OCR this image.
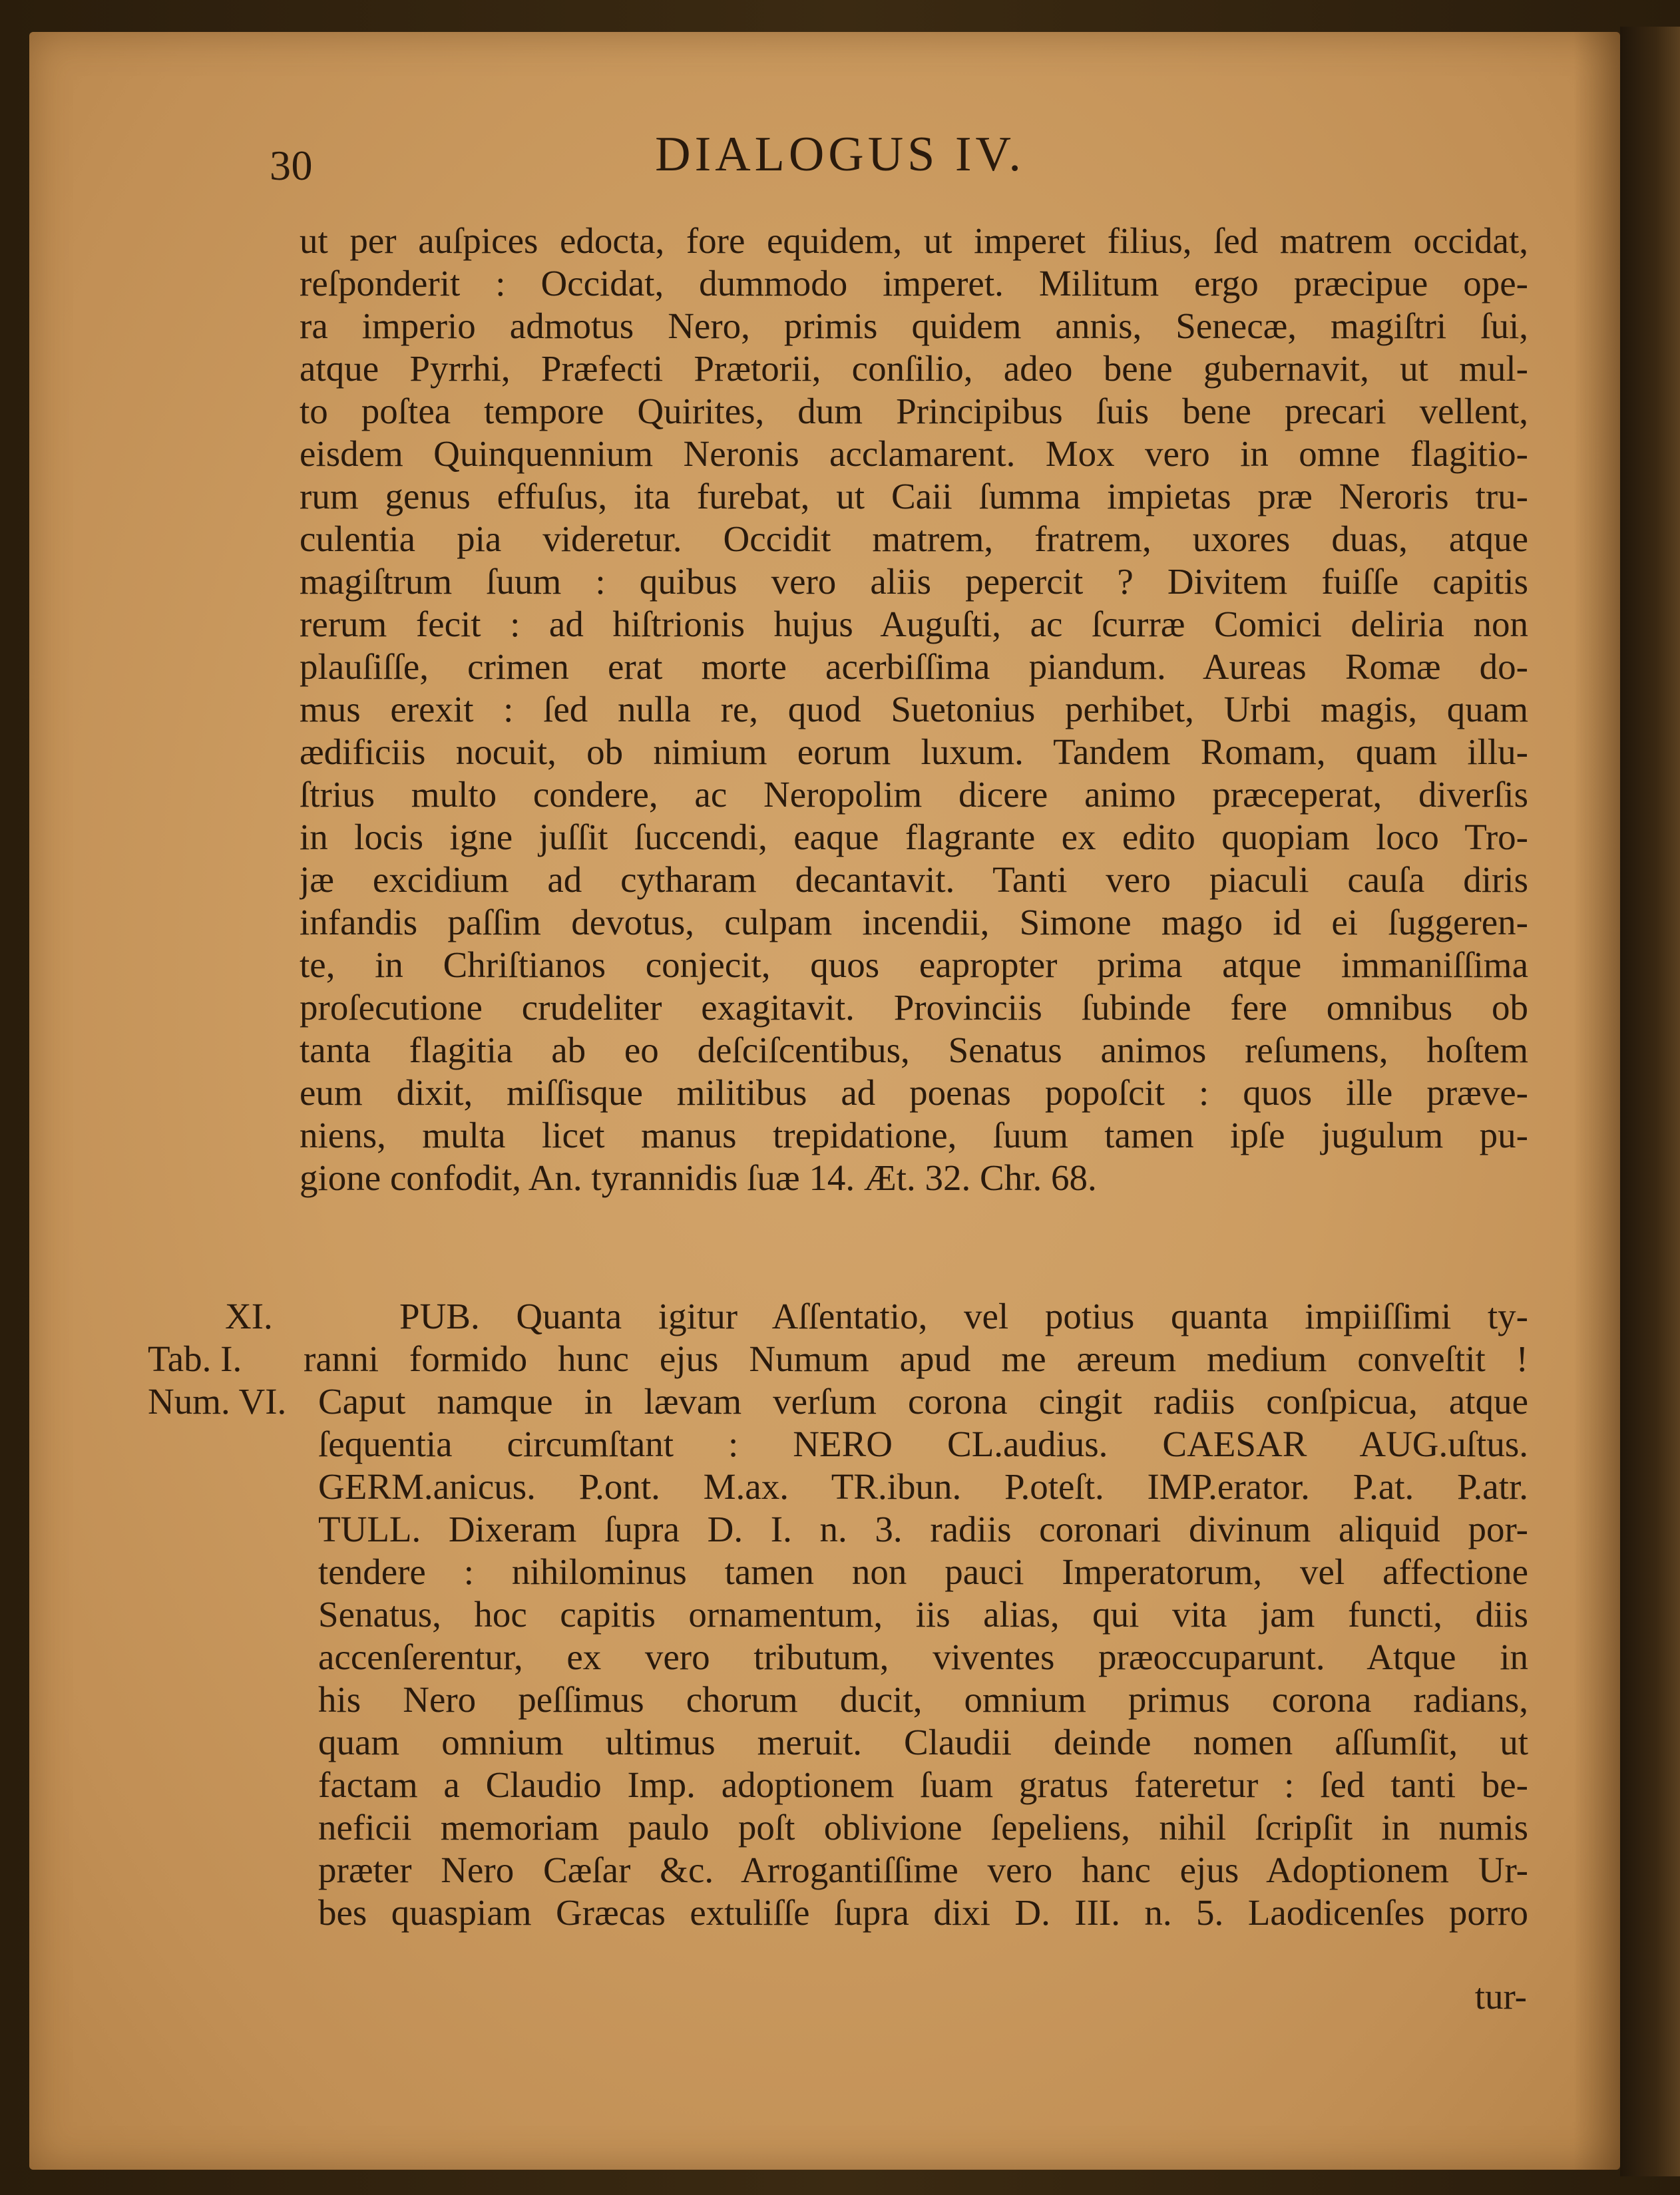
30	DIALOGUS IV.
ut per auſpices edocta, fore equidem, ut imperet filius, ſed matrem occidat,
reſponderit : Occidat, dummodo imperet. Militum ergo præcipue ope-
ra imperio admotus Nero, primis quidem annis, Senecæ, magiſtri ſui,
atque Pyrrhi, Præfecti Prætorii, conſilio, adeo bene gubernavit, ut mul-
to poſtea tempore Quirites, dum Principibus ſuis bene precari vellent,
eisdem Quinquennium Neronis acclamarent. Mox vero in omne flagitio-
rum genus effuſus, ita furebat, ut Caii ſumma impietas præ Neroris tru-
culentia pia videretur. Occidit matrem, fratrem, uxores duas, atque
magiſtrum ſuum : quibus vero aliis pepercit ? Divitem fuiſſe capitis
rerum fecit : ad hiſtrionis hujus Auguſti, ac ſcurræ Comici deliria non
plauſiſſe, crimen erat morte acerbiſſima piandum. Aureas Romæ do-
mus erexit : ſed nulla re, quod Suetonius perhibet, Urbi magis, quam
ædificiis nocuit, ob nimium eorum luxum. Tandem Romam, quam illu-
ſtrius multo condere, ac Neropolim dicere animo præceperat, diverſis
in locis igne juſſit ſuccendi, eaque flagrante ex edito quopiam loco Tro-
jæ excidium ad cytharam decantavit. Tanti vero piaculi cauſa diris
infandis paſſim devotus, culpam incendii, Simone mago id ei ſuggeren-
te, in Chriſtianos conjecit, quos eapropter prima atque immaniſſima
proſecutione crudeliter exagitavit. Provinciis ſubinde fere omnibus ob
tanta flagitia ab eo deſciſcentibus, Senatus animos reſumens, hoſtem
eum dixit, miſſisque militibus ad poenas popoſcit : quos ille præve-
niens, multa licet manus trepidatione, ſuum tamen ipſe jugulum pu-
gione confodit, An. tyrannidis ſuæ 14. Æt. 32. Chr. 68.
XI.
Tab. I.
Num. VI.
PUB. Quanta igitur Aſſentatio, vel potius quanta impiiſſimi ty-
ranni formido hunc ejus Numum apud me æreum medium conveſtit !
Caput namque in lævam verſum corona cingit radiis conſpicua, atque
ſequentia circumſtant : NERO CL.audius. CAESAR AUG.uſtus.
GERM.anicus. P.ont. M.ax. TR.ibun. P.oteſt. IMP.erator. P.at. P.atr.
TULL. Dixeram ſupra D. I. n. 3. radiis coronari divinum aliquid por-
tendere : nihilominus tamen non pauci Imperatorum, vel affectione
Senatus, hoc capitis ornamentum, iis alias, qui vita jam functi, diis
accenſerentur, ex vero tributum, viventes præoccuparunt. Atque in
his Nero peſſimus chorum ducit, omnium primus corona radians,
quam omnium ultimus meruit. Claudii deinde nomen aſſumſit, ut
factam a Claudio Imp. adoptionem ſuam gratus fateretur : ſed tanti be-
neficii memoriam paulo poſt oblivione ſepeliens, nihil ſcripſit in numis
præter Nero Cæſar &c. Arrogantiſſime vero hanc ejus Adoptionem Ur-
bes quaspiam Græcas extuliſſe ſupra dixi D. III. n. 5. Laodicenſes porro
tur-
